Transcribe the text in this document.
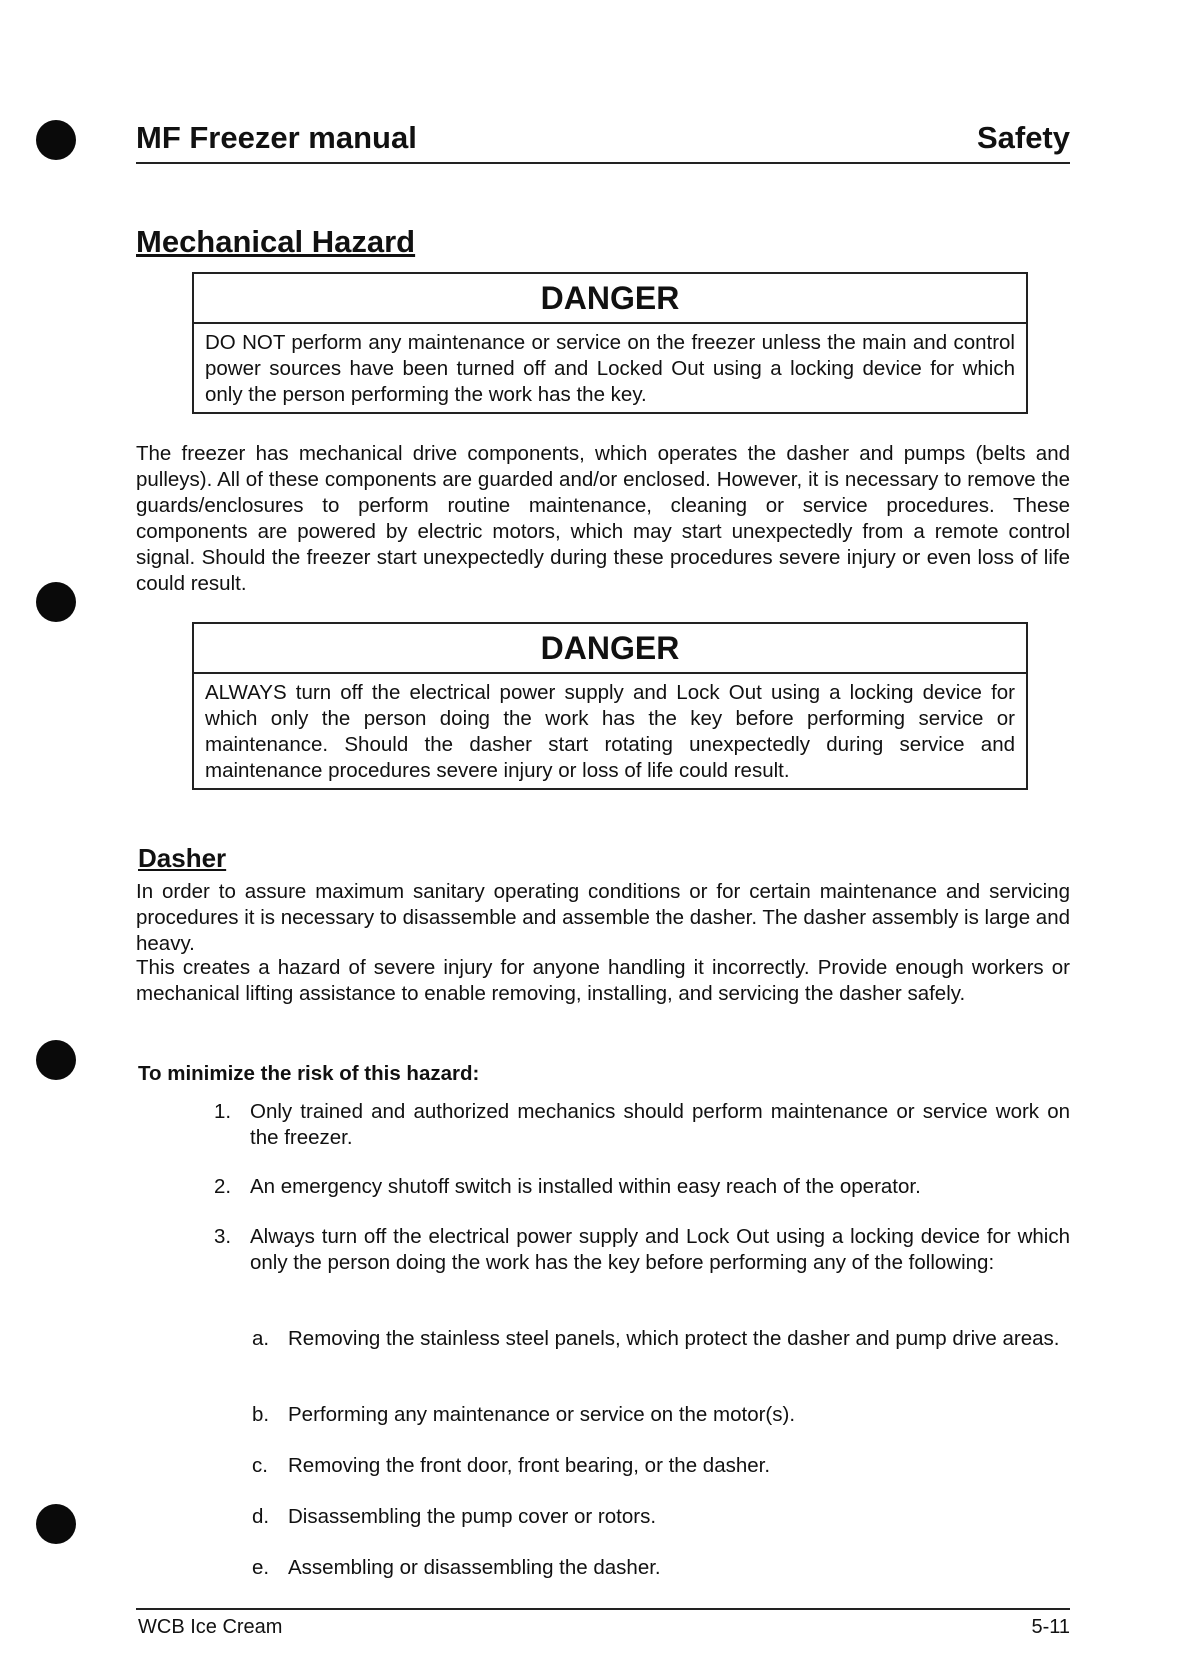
MF Freezer manual	Safety
Mechanical Hazard
DANGER
DO NOT perform any maintenance or service on the freezer unless the main and control power sources have been turned off and Locked Out using a locking device for which only the person performing the work has the key.

The freezer has mechanical drive components, which operates the dasher and pumps (belts and pulleys). All of these components are guarded and/or enclosed. However, it is necessary to remove the guards/enclosures to perform routine maintenance, cleaning or service procedures. These components are powered by electric motors, which may start unexpectedly from a remote control signal. Should the freezer start unexpectedly during these procedures severe injury or even loss of life could result.

DANGER
ALWAYS turn off the electrical power supply and Lock Out using a locking device for which only the person doing the work has the key before performing service or maintenance. Should the dasher start rotating unexpectedly during service and maintenance procedures severe injury or loss of life could result.
Dasher

In order to assure maximum sanitary operating conditions or for certain maintenance and servicing procedures it is necessary to disassemble and assemble the dasher. The dasher assembly is large and heavy.

This creates a hazard of severe injury for anyone handling it incorrectly. Provide enough workers or mechanical lifting assistance to enable removing, installing, and servicing the dasher safely.

To minimize the risk of this hazard:
1. Only trained and authorized mechanics should perform maintenance or service work on the freezer.
2. An emergency shutoff switch is installed within easy reach of the operator.
3. Always turn off the electrical power supply and Lock Out using a locking device for which only the person doing the work has the key before performing any of the following:
a. Removing the stainless steel panels, which protect the dasher and pump drive areas.
b. Performing any maintenance or service on the motor(s).
c. Removing the front door, front bearing, or the dasher.
d. Disassembling the pump cover or rotors.
e. Assembling or disassembling the dasher.
WCB Ice Cream	5-11
